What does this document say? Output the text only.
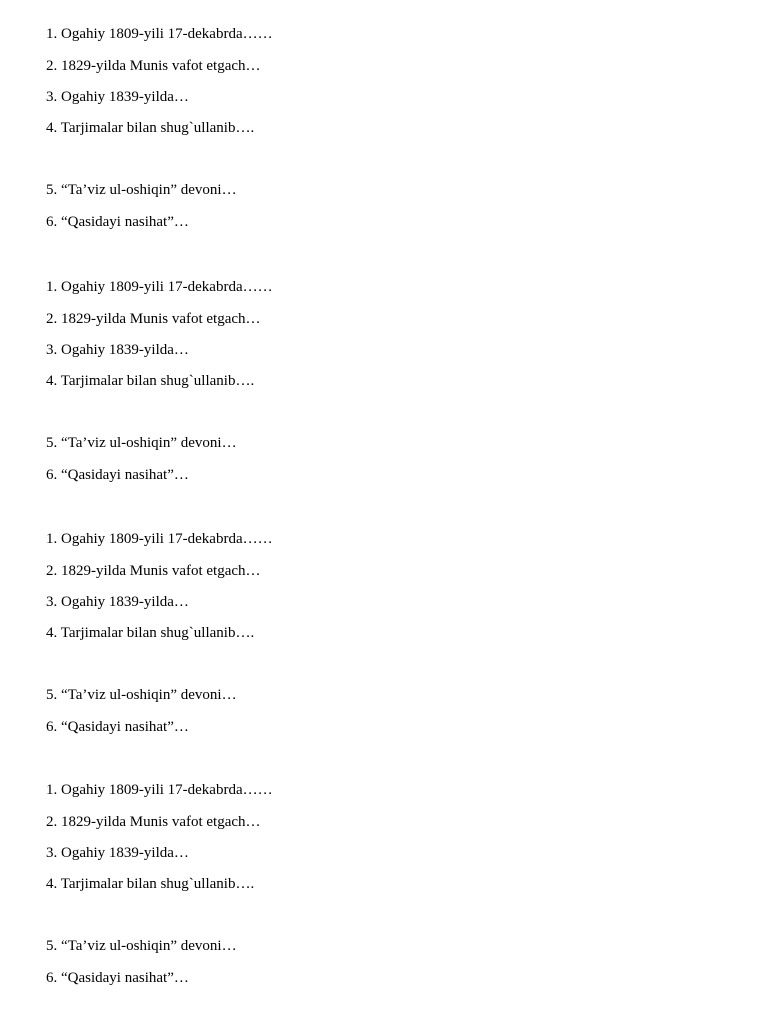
1. Ogahiy 1809-yili 17-dekabrda……
2. 1829-yilda Munis vafot etgach…
3. Ogahiy 1839-yilda…
4. Tarjimalar bilan shug`ullanib….
5. “Ta’viz ul-oshiqin” devoni…
6. “Qasidayi nasihat”…
1. Ogahiy 1809-yili 17-dekabrda……
2. 1829-yilda Munis vafot etgach…
3. Ogahiy 1839-yilda…
4. Tarjimalar bilan shug`ullanib….
5. “Ta’viz ul-oshiqin” devoni…
6. “Qasidayi nasihat”…
1. Ogahiy 1809-yili 17-dekabrda……
2. 1829-yilda Munis vafot etgach…
3. Ogahiy 1839-yilda…
4. Tarjimalar bilan shug`ullanib….
5. “Ta’viz ul-oshiqin” devoni…
6. “Qasidayi nasihat”…
1. Ogahiy 1809-yili 17-dekabrda……
2. 1829-yilda Munis vafot etgach…
3. Ogahiy 1839-yilda…
4. Tarjimalar bilan shug`ullanib….
5. “Ta’viz ul-oshiqin” devoni…
6. “Qasidayi nasihat”…
